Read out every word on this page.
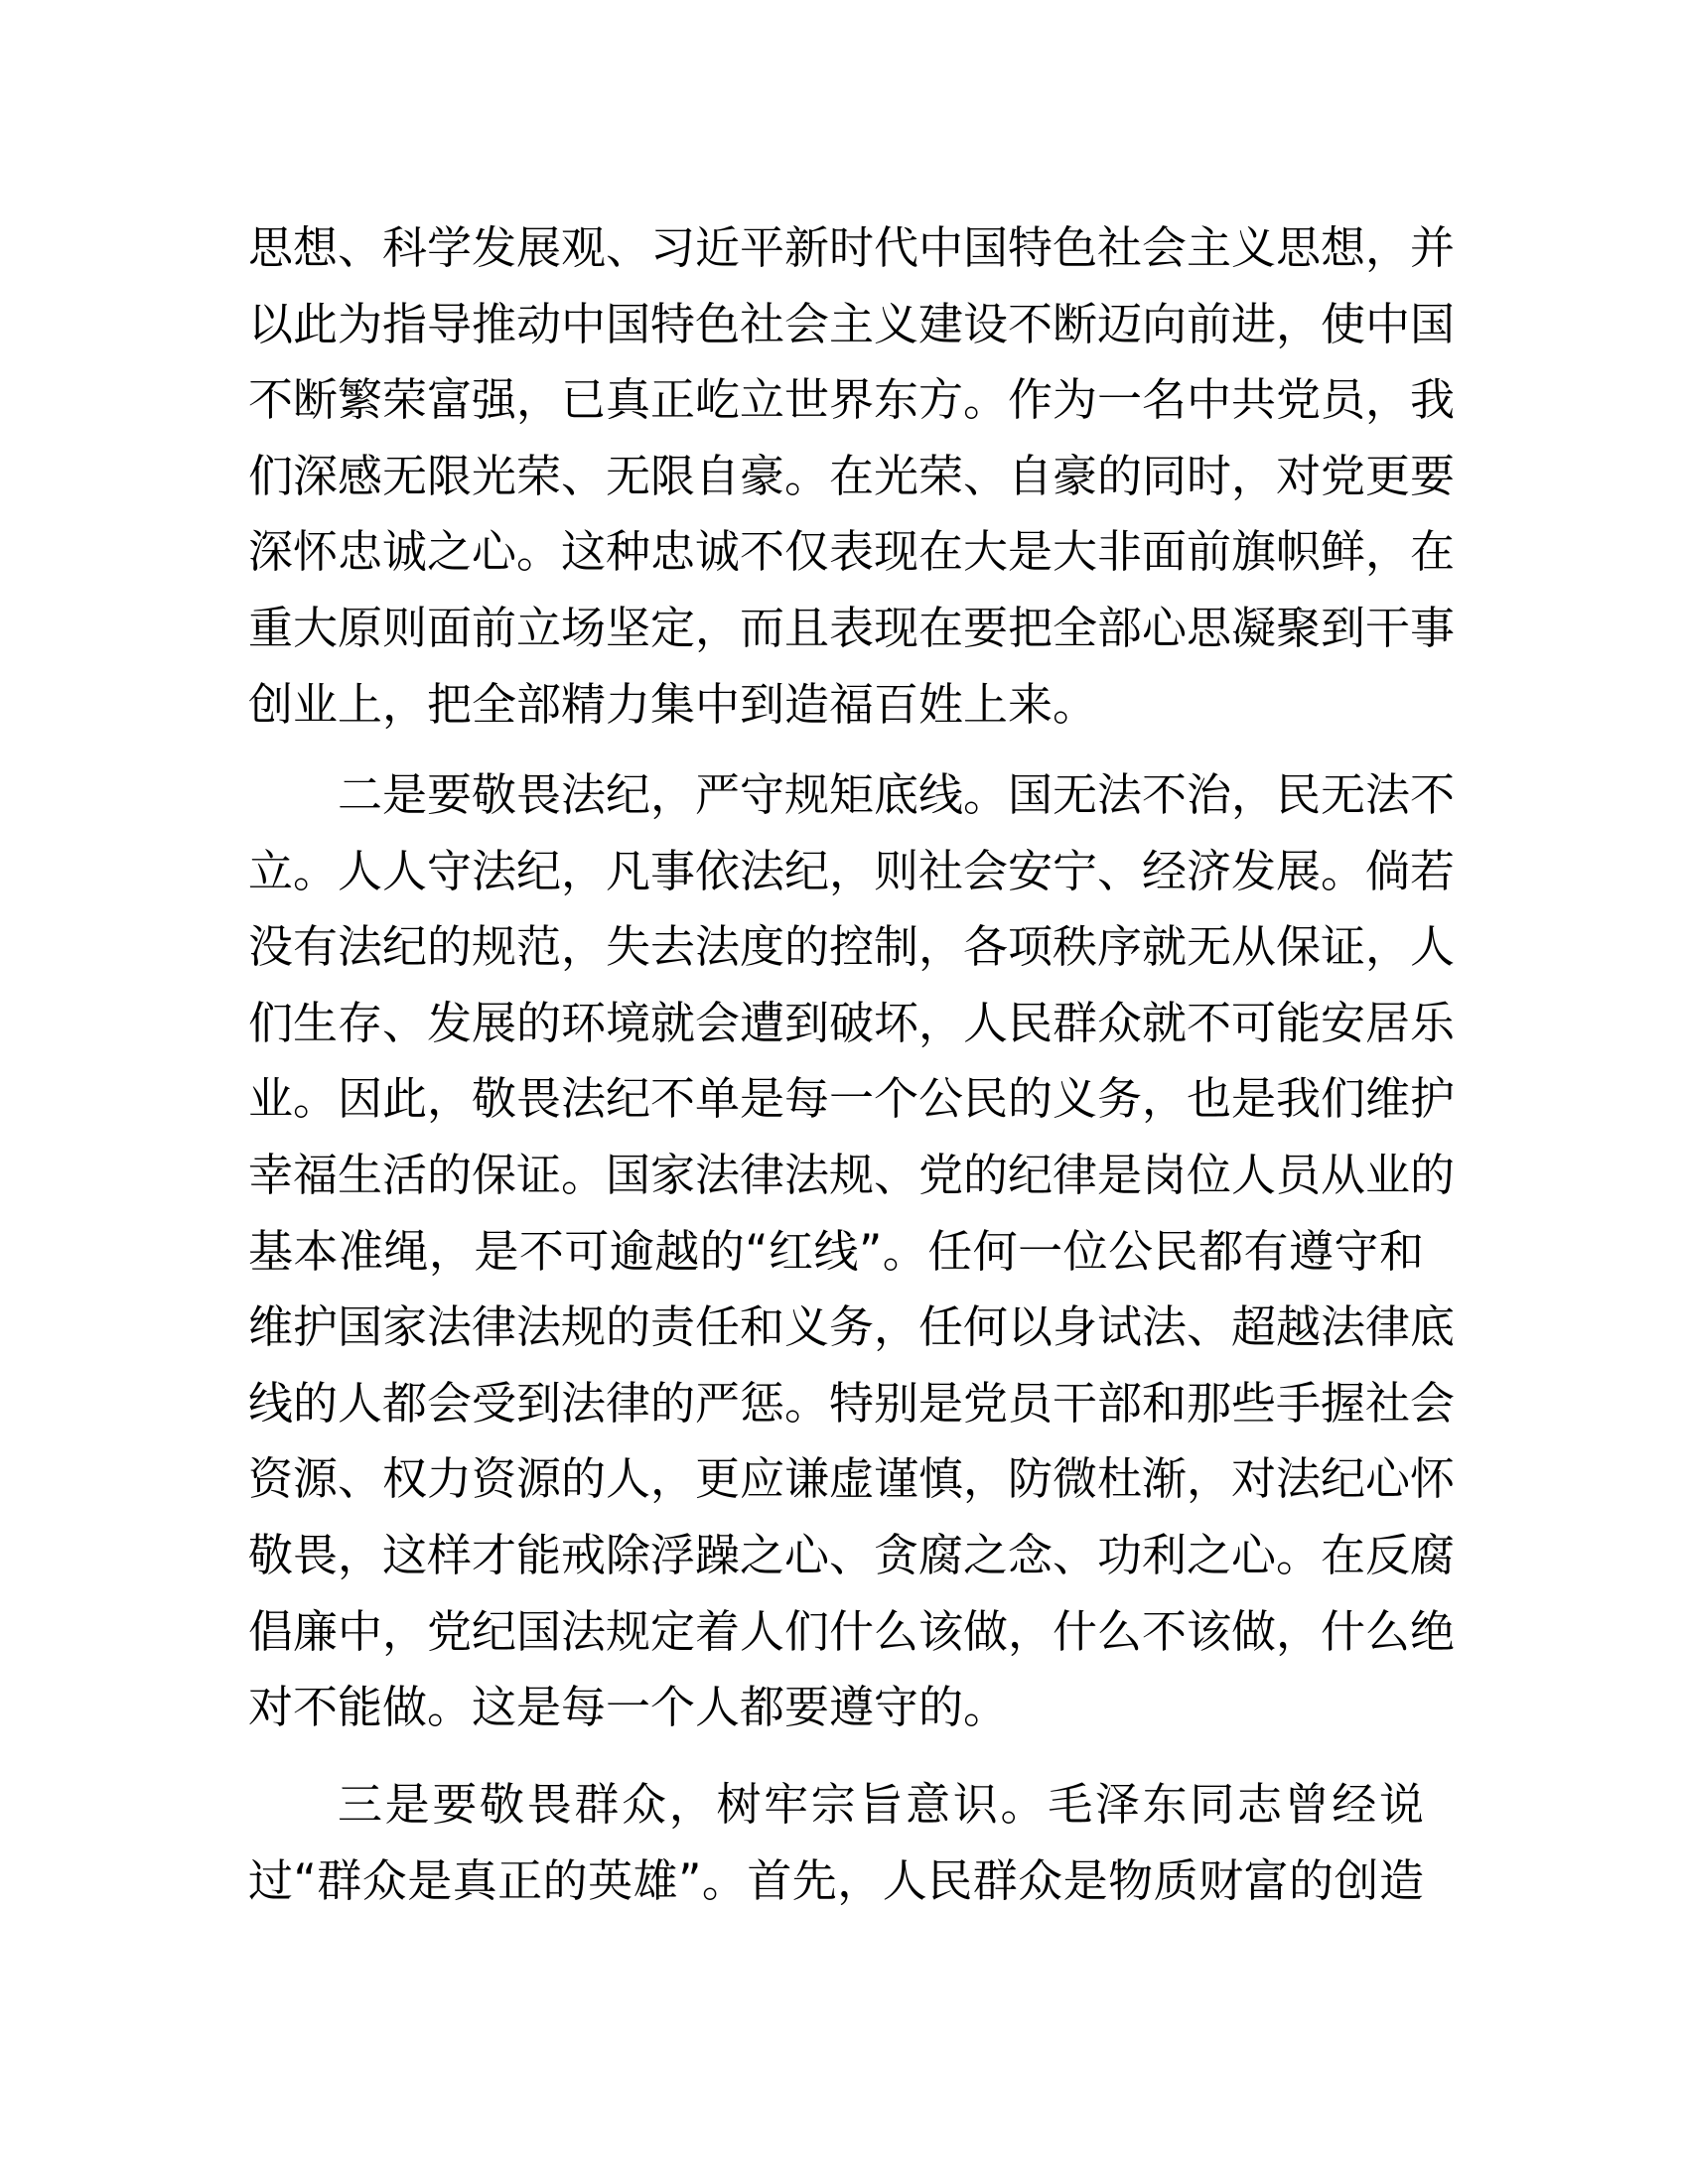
思想、科学发展观、习近平新时代中国特色社会主义思想，并
以此为指导推动中国特色社会主义建设不断迈向前进，使中国
不断繁荣富强，已真正屹立世界东方。作为一名中共党员，我
们深感无限光荣、无限自豪。在光荣、自豪的同时，对党更要
深怀忠诚之心。这种忠诚不仅表现在大是大非面前旗帜鲜，在
重大原则面前立场坚定，而且表现在要把全部心思凝聚到干事
创业上，把全部精力集中到造福百姓上来。
二是要敬畏法纪，严守规矩底线。国无法不治，民无法不
立。人人守法纪，凡事依法纪，则社会安宁、经济发展。倘若
没有法纪的规范，失去法度的控制，各项秩序就无从保证，人
们生存、发展的环境就会遭到破坏，人民群众就不可能安居乐
业。因此，敬畏法纪不单是每一个公民的义务，也是我们维护
幸福生活的保证。国家法律法规、党的纪律是岗位人员从业的
基本准绳，是不可逾越的“红线”。任何一位公民都有遵守和
维护国家法律法规的责任和义务，任何以身试法、超越法律底
线的人都会受到法律的严惩。特别是党员干部和那些手握社会
资源、权力资源的人，更应谦虚谨慎，防微杜渐，对法纪心怀
敬畏，这样才能戒除浮躁之心、贪腐之念、功利之心。在反腐
倡廉中，党纪国法规定着人们什么该做，什么不该做，什么绝
对不能做。这是每一个人都要遵守的。
三是要敬畏群众，树牢宗旨意识。毛泽东同志曾经说
过“群众是真正的英雄”。首先，人民群众是物质财富的创造
